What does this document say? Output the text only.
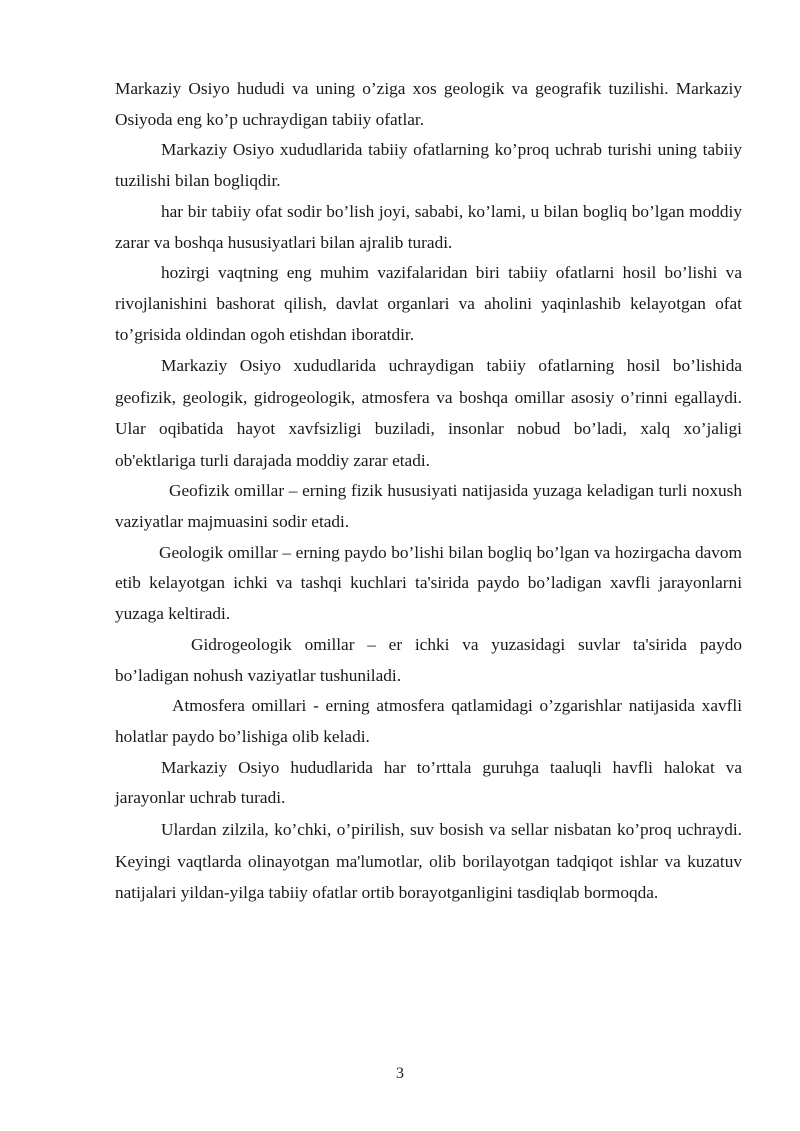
Markaziy Osiyo hududi va uning o’ziga xos geologik va geografik tuzilishi. Markaziy Osiyoda eng ko’p uchraydigan tabiiy ofatlar.

Markaziy Osiyo xududlarida tabiiy ofatlarning ko’proq uchrab turishi uning tabiiy tuzilishi bilan bogliqdir.

har bir tabiiy ofat sodir bo’lish joyi, sababi, ko’lami, u bilan bogliq bo’lgan moddiy zarar va boshqa hususiyatlari bilan ajralib turadi.

hozirgi vaqtning eng muhim vazifalaridan biri tabiiy ofatlarni hosil bo’lishi va rivojlanishini bashorat qilish, davlat organlari va aholini yaqinlashib kelayotgan ofat to’grisida oldindan ogoh etishdan iboratdir.

Markaziy Osiyo xududlarida uchraydigan tabiiy ofatlarning hosil bo’lishida geofizik, geologik, gidrogeologik, atmosfera va boshqa omillar asosiy o’rinni egallaydi. Ular oqibatida hayot xavfsizligi buziladi, insonlar nobud bo’ladi, xalq xo’jaligi ob'ektlariga turli darajada moddiy zarar etadi.

Geofizik omillar – erning fizik hususiyati natijasida yuzaga keladigan turli noxush vaziyatlar majmuasini sodir etadi.

Geologik omillar – erning paydo bo’lishi bilan bogliq bo’lgan va hozirgacha davom etib kelayotgan ichki va tashqi kuchlari ta'sirida paydo bo’ladigan xavfli jarayonlarni yuzaga keltiradi.

Gidrogeologik omillar – er ichki va yuzasidagi suvlar ta'sirida paydo bo’ladigan nohush vaziyatlar tushuniladi.

Atmosfera omillari - erning atmosfera qatlamidagi o’zgarishlar natijasida xavfli holatlar paydo bo’lishiga olib keladi.

Markaziy Osiyo hududlarida har to’rttala guruhga taaluqli havfli halokat va jarayonlar uchrab turadi.

Ulardan zilzila, ko’chki, o’pirilish, suv bosish va sellar nisbatan ko’proq uchraydi. Keyingi vaqtlarda olinayotgan ma'lumotlar, olib borilayotgan tadqiqot ishlar va kuzatuv natijalari yildan-yilga tabiiy ofatlar ortib borayotganligini tasdiqlab bormoqda.

3
